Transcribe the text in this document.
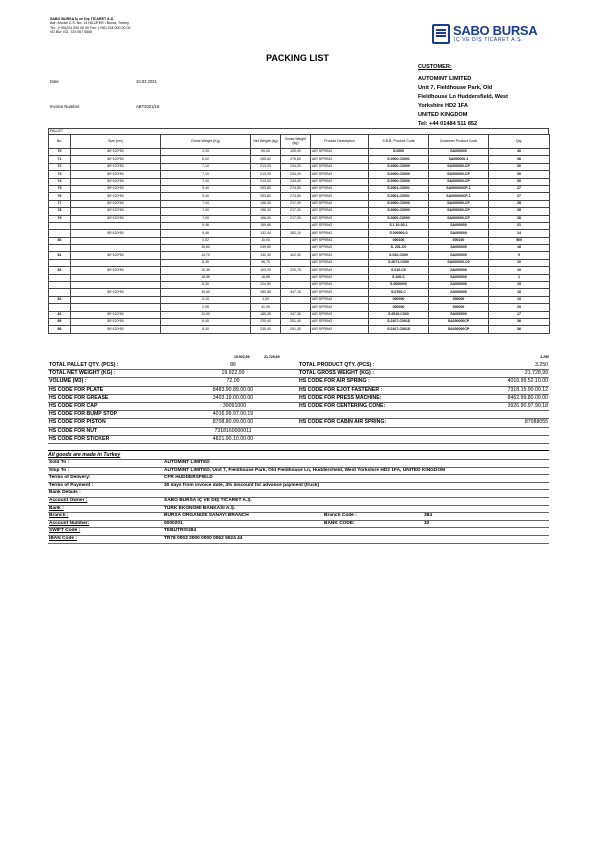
SABO BURSA İç ve Dış TİCARET A.Ş.
Adr: Arıcan C.S. No: 14 NİLÜFER / Bursa, Turkey
Tel.: (+90)224 000 00 00 Fax: (+90) 224 000 00 00
VD Bur V.D. 724 067 6565	SABO BURSA
İÇ VE DIŞ TİCARET A.Ş.
PACKING LIST
CUSTOMER:
AUTOMINT LIMITED
Unit 7, Fieldhouse Park, Old
Fieldhouse Ln Huddersfield, West
Yorkshire HD2 1FA
UNITED KINGDOM
Tel: +44 01484 511 852
Date	10.03.2021
Invoice Number	ABT2021/18
PALLET
No.	Size (cm)	Gross Weight (Kg)	Net Weight (kg)	Gross Weight (kg)	Product Description	S.B.B. Product Code	Customer Product Code	Qty.
70	80*120*50	2,20	99,00	120,00	AIR SPRING	S.0000	SA000000	40
71	80*120*50	6,02	255,60	276,60	AIR SPRING	S.0000-C0001	SA000000-1	36
72	80*120*50	7,10	213,00	234,00	AIR SPRING	S.0000-C0000	SA000000-CP	30
73	80*120*50	7,10	213,00	234,00	AIR SPRING	S.0000-C0000	SA000000-CP	30
74	80*120*50	7,10	213,00	234,00	AIR SPRING	S.0000-C0000	SA000000-CP	30
75	80*120*50	9,40	253,80	274,80	AIR SPRING	S.0001-C0001	SA000000CP-1	27
76	80*120*50	9,40	253,80	274,80	AIR SPRING	S.0001-C0001	SA000000CP-1	27
77	80*120*50	7,00	196,00	217,00	AIR SPRING	S.0000-C0000	SA000000-CP	28
78	80*120*50	7,00	196,00	217,00	AIR SPRING	S.0000-C0000	SA000000-CP	28
79	80*120*50	7,00	196,00	217,00	AIR SPRING	S.0000-C0000	SA000000-CP	28
		9,46	199,66		AIR SPRING	S.1 10-00-1	SA000000	21
	80*120*50	9,46	132,44	352,10	AIR SPRING	S.000000-0	SA000000	14
80		0,02	10,00		AIR SPRING	000100	000100	500
		15,60	249,60		AIR SPRING	S. 201-C0	SA000000	16
81	80*120*50	14,70	132,30	402,90	AIR SPRING	S.010-C000	SA000000	9
		8,45	96,70		AIR SPRING	S.0071-C000	SA000000-C0	10
82	80*120*50	10,30	103,00	220,75	AIR SPRING	S.010-C0	SA000000	10
		18,85	18,85		AIR SPRING	S.100-C	SA000000	1
		8,30	124,50		AIR SPRING	S.0000000	SA000000	15
	80*120*50	15,60	280,80	447,15	AIR SPRING	S.0700-C	SA000000	18
83		0,10	1,00		AIR SPRING	000000	000000	10
		2,05	41,00		AIR SPRING	000000	000000	20
84	80*120*50	10,90	185,30	247,30	AIR SPRING	S.0010-C000	SA000000	17
85	80*120*50	6,40	230,40	251,40	AIR SPRING	S.0107-C0018	SA000000CP	36
86	80*120*50	6,40	230,40	251,40	AIR SPRING	S.0107-C0018	SA000000CP	36
19.922,99	21.728,99	3.250
TOTAL PALLET QTY. (PCS) :	86	TOTAL PRODUCT QTY. (PCS) :	3.250
TOTAL NET WEIGHT (KG) :	19.922,99	TOTAL GROSS WEIGHT (KG) :	21.728,99
VOLUME (M3) :	72,00	HS CODE FOR AIR SPRING :	4016.99.52.10.00
HS CODE FOR PLATE	8483.90.89.00.00	HS CODE FOR EJOT FASTENER :	7318.15.90.00.12
HS CODE FOR GREASE	3403.19.00.00.00	HS CODE FOR PRESS MACHINE:	8462.99.80.00.00
HS CODE FOR CAP	: 39091000	HS CODE FOR CENTERING CONE:	3926.90.97.90.18
HS CODE FOR BUMP STOP	4016.99.97.00.19		
HS CODE FOR PISTON	8708.80.99.00.00	HS CODE FOR CABIN AIR SPRING:	87088055
HS CODE FOR NUT	7318160000011		
HS CODE FOR STICKER	4821.90.10.00.00		
All goods are made in Turkey
Sold To :	AUTOMINT LIMITED		
Ship To :	AUTOMINT LIMITED, Unit 7, Fieldhouse Park, Old Fieldhouse Ln, Huddersfield, West Yorkshire HD2 1FA, UNITED KINGDOM		
Terms of Delivery:	CFR HUDDERSFIELD		
Terms of Payment :	30 days from invoice date, 4% discount for advance payment (truck)		
Bank Details :			
Account Owner :	SABO BURSA İÇ VE DIŞ TİCARET A.Ş.		
Bank :	TÜRK EKONOMİ BANKASI A.Ş.		
Branch :	BURSA ORGANIZE SANAYI BRANCH	Branch Code :	384
Account Number:	0000201	BANK CODE:	32
SWIFT Code :	TEBUTRIS384		
IBAN Code :	TR78 0003 2000 0000 0062 5524 44		
